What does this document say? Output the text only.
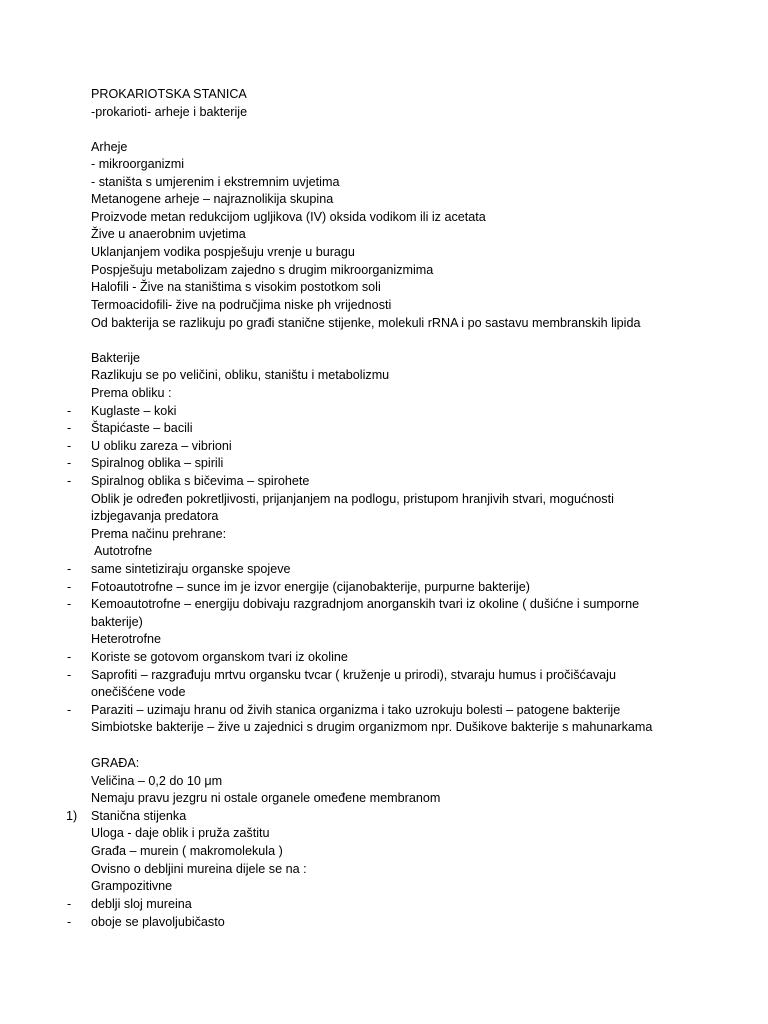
PROKARIOTSKA STANICA
-prokarioti- arheje i bakterije
Arheje
- mikroorganizmi
- staništa s umjerenim i ekstremnim uvjetima
Metanogene arheje – najraznolikija skupina
Proizvode metan redukcijom ugljikova (IV) oksida vodikom ili iz acetata
Žive u anaerobnim uvjetima
Uklanjanjem vodika pospješuju vrenje u buragu
Pospješuju metabolizam zajedno s drugim mikroorganizmima
Halofili - Žive na staništima s visokim postotkom soli
Termoacidofili- žive na područjima niske ph vrijednosti
Od bakterija se razlikuju po građi stanične stijenke, molekuli rRNA i po sastavu membranskih lipida
Bakterije
Razlikuju se po veličini, obliku, staništu i metabolizmu
Prema obliku :
- Kuglaste – koki
- Štapićaste – bacili
- U obliku zareza – vibrioni
- Spiralnog oblika – spirili
- Spiralnog oblika s bičevima – spirohete
Oblik je određen pokretljivosti, prijanjanjem na podlogu, pristupom hranjivih stvari, mogućnosti
izbjegavanja predatora
Prema načinu prehrane:
Autotrofne
- same sintetiziraju organske spojeve
- Fotoautotrofne – sunce im je izvor energije (cijanobakterije, purpurne bakterije)
- Kemoautotrofne – energiju dobivaju razgradnjom anorganskih tvari iz okoline ( dušićne i sumporne
bakterije)
Heterotrofne
- Koriste se gotovom organskom tvari iz okoline
- Saprofiti – razgrađuju mrtvu organsku tvcar ( kruženje u prirodi), stvaraju humus i pročišćavaju
onečišćene vode
- Paraziti – uzimaju hranu od živih stanica organizma i tako uzrokuju bolesti – patogene bakterije
Simbiotske bakterije – žive u zajednici s drugim organizmom npr. Dušikove bakterije s mahunarkama
GRAĐA:
Veličina – 0,2 do 10 μm
Nemaju pravu jezgru ni ostale organele omeđene membranom
1) Stanična stijenka
Uloga - daje oblik i pruža zaštitu
Građa – murein ( makromolekula )
Ovisno o debljini mureina dijele se na :
Grampozitivne
- deblji sloj mureina
- oboje se plavoljubičasto
